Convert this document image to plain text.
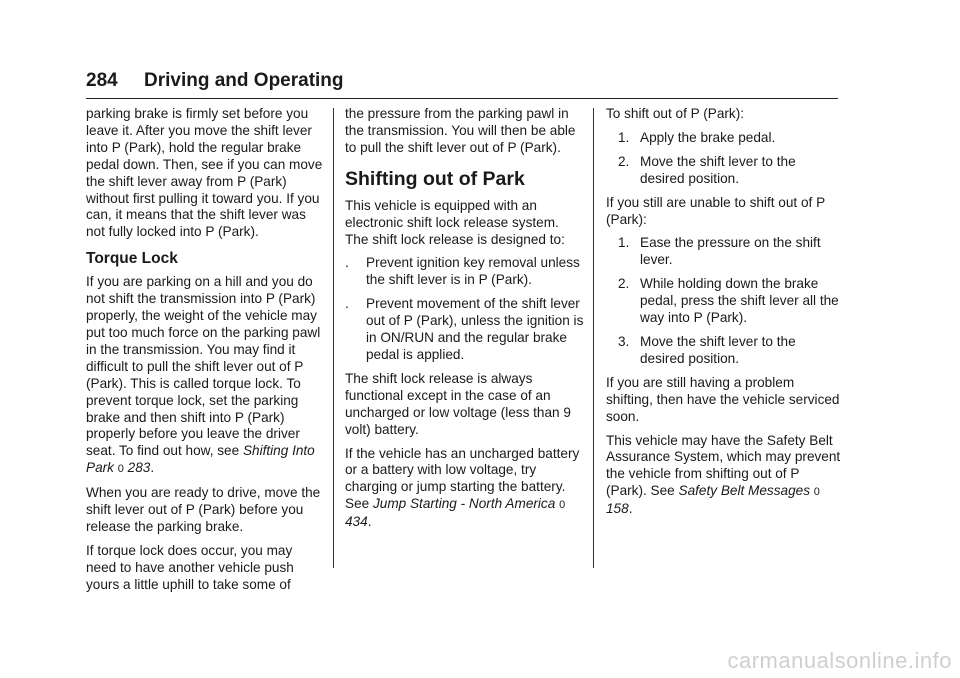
284 Driving and Operating

parking brake is firmly set before you leave it. After you move the shift lever into P (Park), hold the regular brake pedal down. Then, see if you can move the shift lever away from P (Park) without first pulling it toward you. If you can, it means that the shift lever was not fully locked into P (Park).

Torque Lock

If you are parking on a hill and you do not shift the transmission into P (Park) properly, the weight of the vehicle may put too much force on the parking pawl in the transmission. You may find it difficult to pull the shift lever out of P (Park). This is called torque lock. To prevent torque lock, set the parking brake and then shift into P (Park) properly before you leave the driver seat. To find out how, see Shifting Into Park 0 283.

When you are ready to drive, move the shift lever out of P (Park) before you release the parking brake.

If torque lock does occur, you may need to have another vehicle push yours a little uphill to take some of

the pressure from the parking pawl in the transmission. You will then be able to pull the shift lever out of P (Park).

Shifting out of Park

This vehicle is equipped with an electronic shift lock release system. The shift lock release is designed to:

.	Prevent ignition key removal unless the shift lever is in P (Park).
.	Prevent movement of the shift lever out of P (Park), unless the ignition is in ON/RUN and the regular brake pedal is applied.

The shift lock release is always functional except in the case of an uncharged or low voltage (less than 9 volt) battery.

If the vehicle has an uncharged battery or a battery with low voltage, try charging or jump starting the battery. See Jump Starting - North America 0 434.

To shift out of P (Park):

1. Apply the brake pedal.
2. Move the shift lever to the desired position.

If you still are unable to shift out of P (Park):

1. Ease the pressure on the shift lever.
2. While holding down the brake pedal, press the shift lever all the way into P (Park).
3. Move the shift lever to the desired position.

If you are still having a problem shifting, then have the vehicle serviced soon.

This vehicle may have the Safety Belt Assurance System, which may prevent the vehicle from shifting out of P (Park). See Safety Belt Messages 0 158.

carmanualsonline.info
